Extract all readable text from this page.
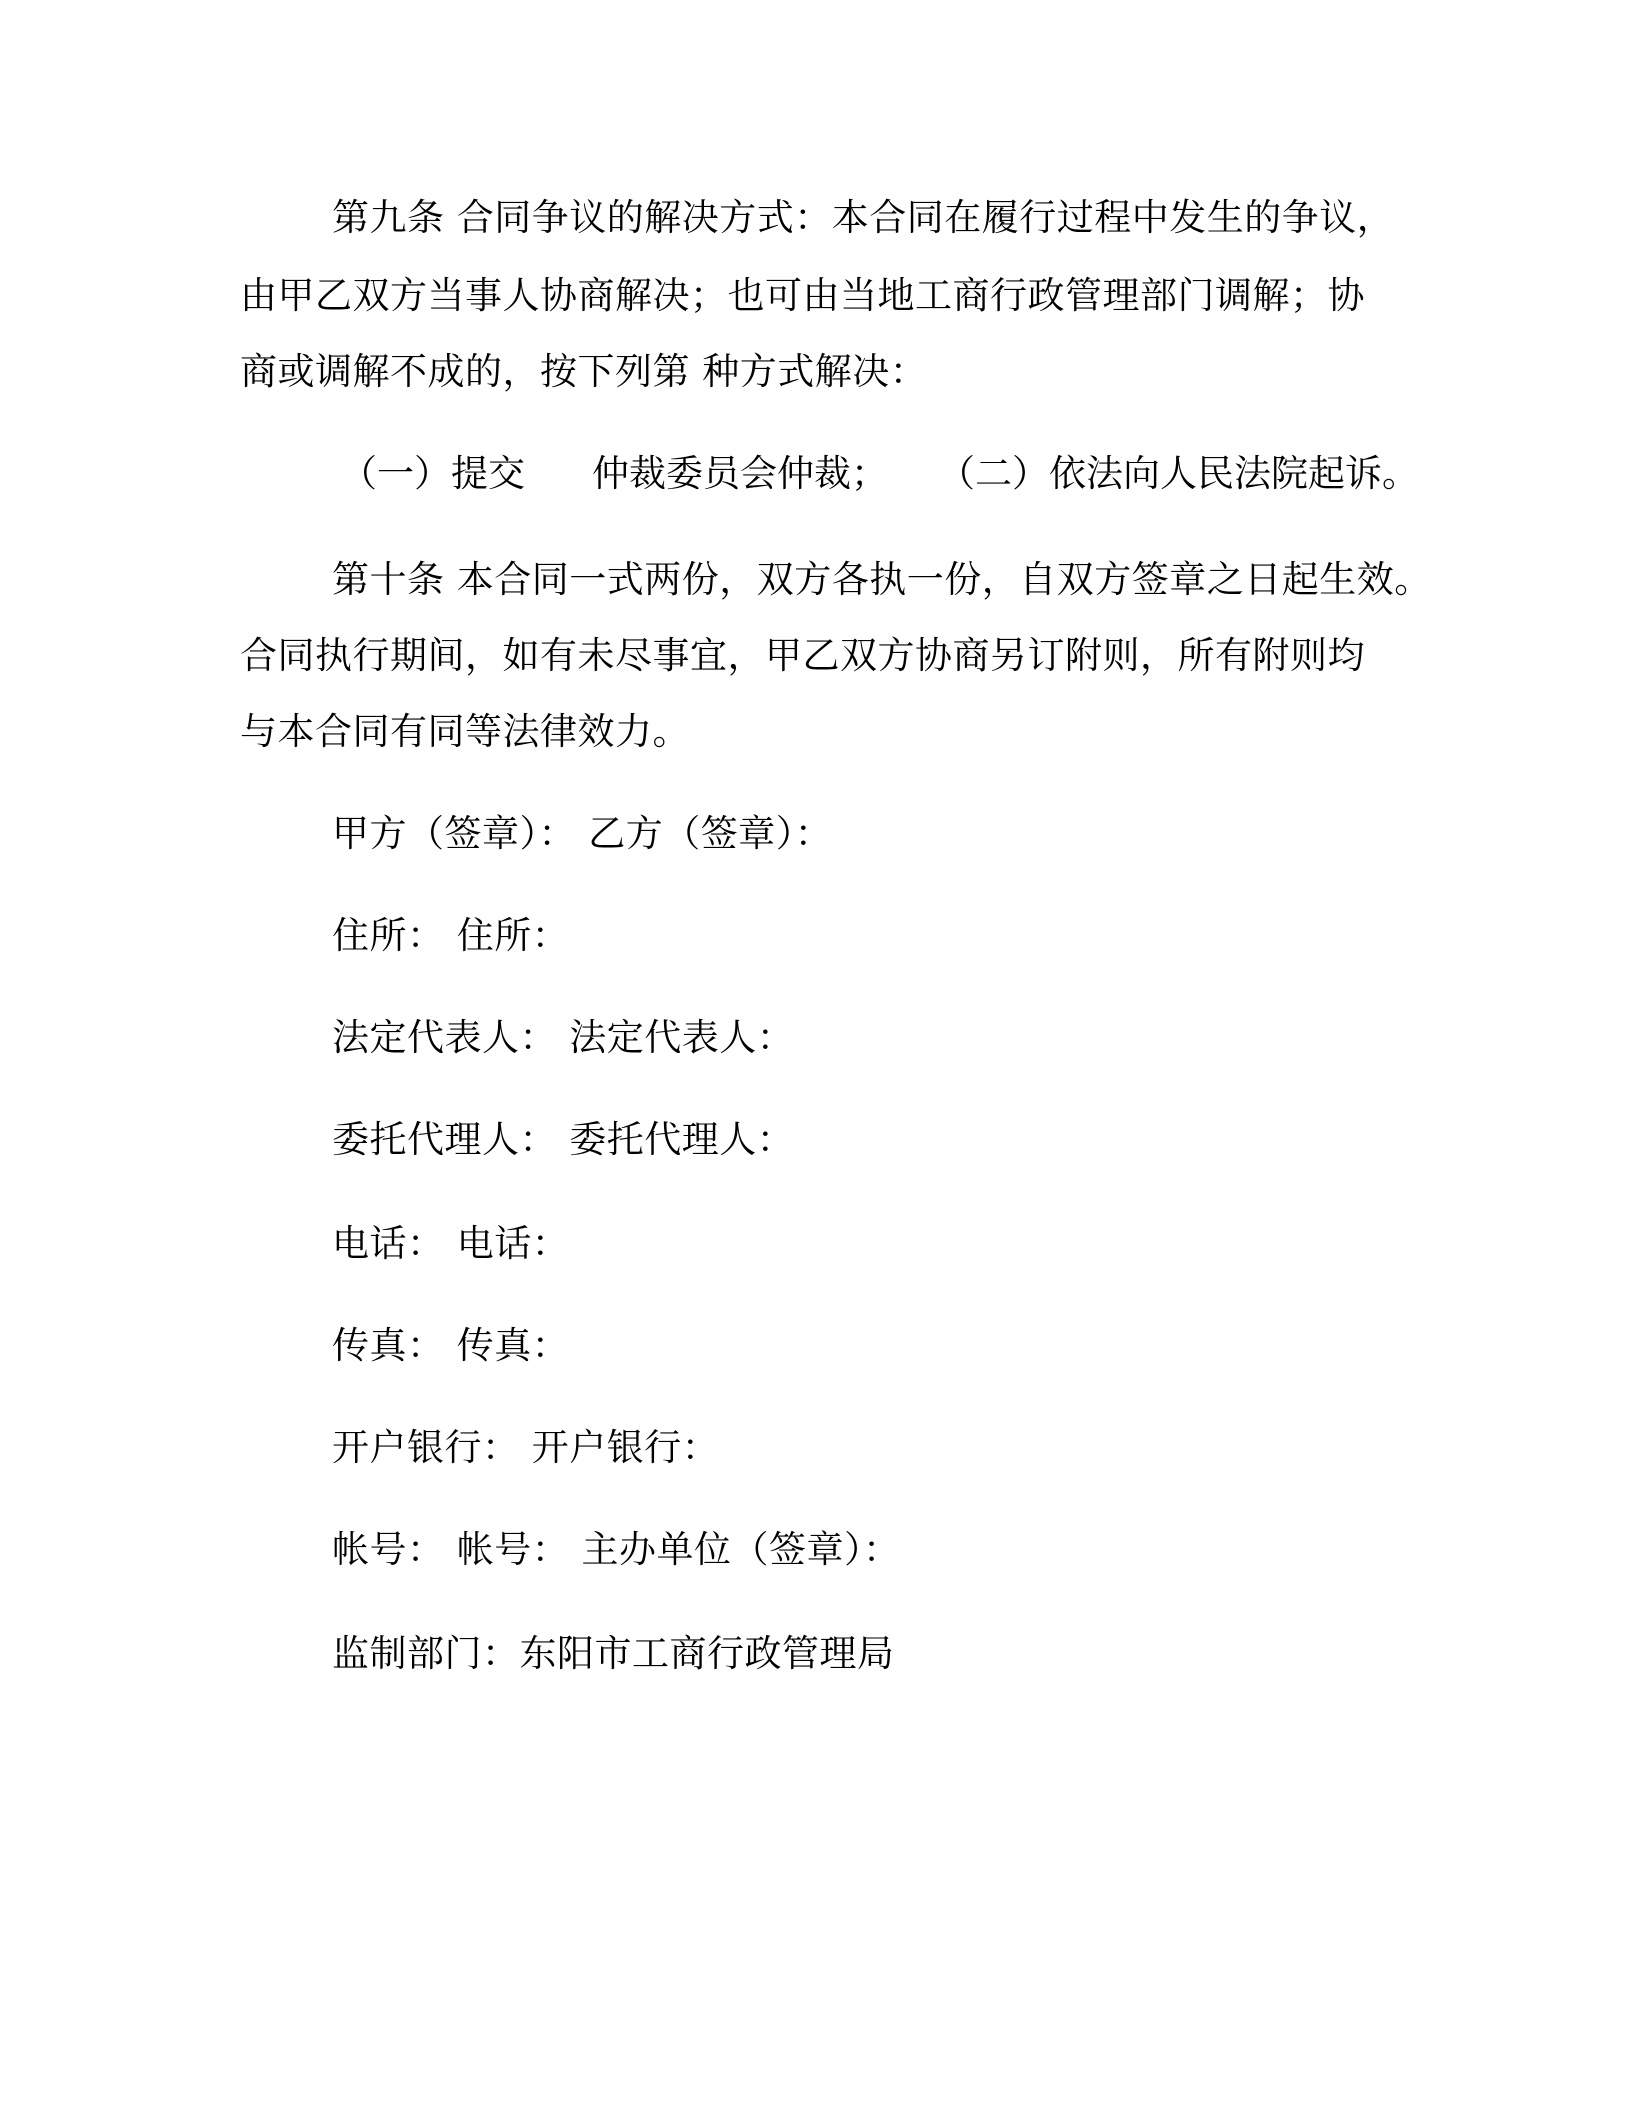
第九条 合同争议的解决方式：本合同在履行过程中发生的争议，
由甲乙双方当事人协商解决；也可由当地工商行政管理部门调解；协
商或调解不成的，按下列第 种方式解决：
（一）提交 仲裁委员会仲裁； （二）依法向人民法院起诉。
第十条 本合同一式两份，双方各执一份，自双方签章之日起生效。
合同执行期间，如有未尽事宜，甲乙双方协商另订附则，所有附则均
与本合同有同等法律效力。
甲方（签章）： 乙方（签章）：
住所： 住所：
法定代表人： 法定代表人：
委托代理人： 委托代理人：
电话： 电话：
传真： 传真：
开户银行： 开户银行：
帐号： 帐号： 主办单位（签章）：
监制部门：东阳市工商行政管理局
